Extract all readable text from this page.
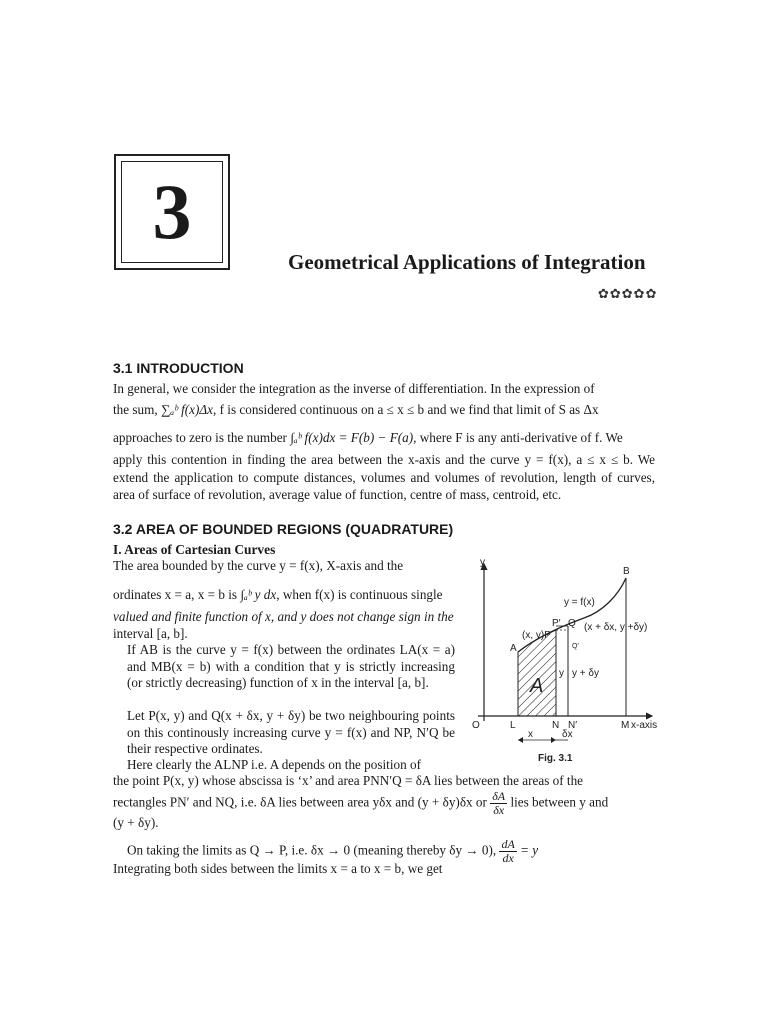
3
Geometrical Applications of Integration
✿✿✿✿✿
3.1 INTRODUCTION
In general, we consider the integration as the inverse of differentiation. In the expression of
the sum, ∑ₐᵇ f(x)Δx, f is considered continuous on a ≤ x ≤ b and we find that limit of S as Δx
approaches to zero is the number ∫ₐᵇ f(x)dx = F(b) − F(a), where F is any anti-derivative of f. We
apply this contention in finding the area between the x-axis and the curve y = f(x), a ≤ x ≤ b. We extend the application to compute distances, volumes and volumes of revolution, length of curves, area of surface of revolution, average value of function, centre of mass, centroid, etc.
3.2 AREA OF BOUNDED REGIONS (QUADRATURE)
I. Areas of Cartesian Curves
The area bounded by the curve y = f(x), X-axis and the
ordinates x = a, x = b is ∫ₐᵇ y dx, when f(x) is continuous single
valued and finite function of x, and y does not change sign in the
interval [a, b].
If AB is the curve y = f(x) between the ordinates LA(x = a) and MB(x = b) with a condition that y is strictly increasing (or strictly decreasing) function of x in the interval [a, b].
Let P(x, y) and Q(x + δx, y + δy) be two neighbouring points on this continously increasing curve y = f(x) and NP, N′Q be their respective ordinates.
Here clearly the ALNP i.e. A depends on the position of
the point P(x, y) whose abscissa is ‘x’ and area PNN′Q = δA lies between the areas of the
rectangles PN′ and NQ, i.e. δA lies between area yδx and (y + δy)δx or $\frac{\delta A}{\delta x}$ lies between y and
(y + δy).
On taking the limits as Q → P, i.e. δx → 0 (meaning thereby δy → 0), $\frac{dA}{dx} = y$
Integrating both sides between the limits x = a to x = b, we get
y
B
y = f(x)
P′ Q (x + δx, y +δy)
(x, y)P
Q′
A
y y + δy
A
O	L	N N′	M x-axis
x	δx
Fig. 3.1
